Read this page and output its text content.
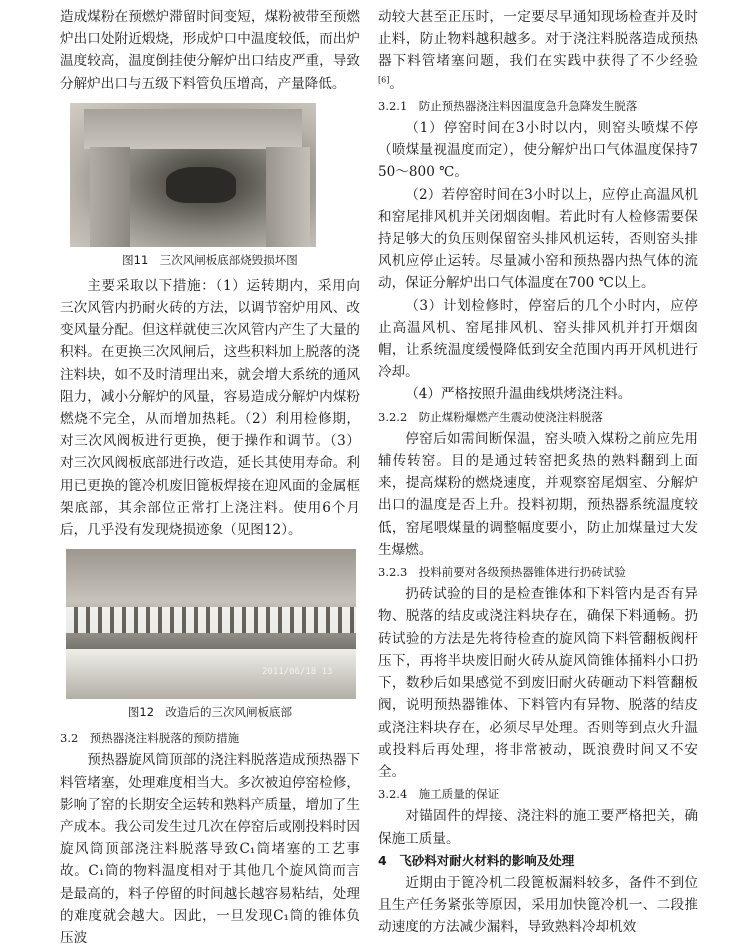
造成煤粉在预燃炉滞留时间变短，煤粉被带至预燃炉出口处附近煅烧，形成炉口中温度较低，而出炉温度较高，温度倒挂使分解炉出口结皮严重，导致分解炉出口与五级下料管负压增高，产量降低。

图11　三次风闸板底部烧毁损坏图

主要采取以下措施：（1）运转期内，采用向三次风管内扔耐火砖的方法，以调节窑炉用风、改变风量分配。但这样就使三次风管内产生了大量的积料。在更换三次风闸后，这些积料加上脱落的浇注料块，如不及时清理出来，就会增大系统的通风阻力，减小分解炉的风量，容易造成分解炉内煤粉燃烧不完全，从而增加热耗。（2）利用检修期，对三次风阀板进行更换，便于操作和调节。（3）对三次风阀板底部进行改造，延长其使用寿命。利用已更换的篦冷机废旧篦板焊接在迎风面的金属框架底部，其余部位正常打上浇注料。使用6个月后，几乎没有发现烧损迹象（见图12）。

2011/06/18 13
图12　改造后的三次风闸板底部
3.2　预热器浇注料脱落的预防措施

预热器旋风筒顶部的浇注料脱落造成预热器下料管堵塞，处理难度相当大。多次被迫停窑检修，影响了窑的长期安全运转和熟料产质量，增加了生产成本。我公司发生过几次在停窑后或刚投料时因旋风筒顶部浇注料脱落导致C₁筒堵塞的工艺事故。C₁筒的物料温度相对于其他几个旋风筒而言是最高的，料子停留的时间越长越容易粘结，处理的难度就会越大。因此，一旦发现C₁筒的锥体负压波

动较大甚至正压时，一定要尽早通知现场检查并及时止料，防止物料越积越多。对于浇注料脱落造成预热器下料管堵塞问题，我们在实践中获得了不少经验[6]。

3.2.1　防止预热器浇注料因温度急升急降发生脱落

（1）停窑时间在3小时以内，则窑头喷煤不停（喷煤量视温度而定），使分解炉出口气体温度保持750～800 ℃。

（2）若停窑时间在3小时以上，应停止高温风机和窑尾排风机并关闭烟囱帽。若此时有人检修需要保持足够大的负压则保留窑头排风机运转，否则窑头排风机应停止运转。尽量减小窑和预热器内热气体的流动，保证分解炉出口气体温度在700 ℃以上。

（3）计划检修时，停窑后的几个小时内，应停止高温风机、窑尾排风机、窑头排风机并打开烟囱帽，让系统温度缓慢降低到安全范围内再开风机进行冷却。

（4）严格按照升温曲线烘烤浇注料。

3.2.2　防止煤粉爆燃产生震动使浇注料脱落

停窑后如需间断保温，窑头喷入煤粉之前应先用辅传转窑。目的是通过转窑把炙热的熟料翻到上面来，提高煤粉的燃烧速度，并观察窑尾烟室、分解炉出口的温度是否上升。投料初期，预热器系统温度较低，窑尾喂煤量的调整幅度要小，防止加煤量过大发生爆燃。

3.2.3　投料前要对各级预热器锥体进行扔砖试验

扔砖试验的目的是检查锥体和下料管内是否有异物、脱落的结皮或浇注料块存在，确保下料通畅。扔砖试验的方法是先将待检查的旋风筒下料管翻板阀杆压下，再将半块废旧耐火砖从旋风筒锥体捅料小口扔下，数秒后如果感觉不到废旧耐火砖砸动下料管翻板阀，说明预热器锥体、下料管内有异物、脱落的结皮或浇注料块存在，必须尽早处理。否则等到点火升温或投料后再处理，将非常被动，既浪费时间又不安全。

3.2.4　施工质量的保证

对锚固件的焊接、浇注料的施工要严格把关，确保施工质量。

4　飞砂料对耐火材料的影响及处理

近期由于篦冷机二段篦板漏料较多，备件不到位且生产任务紧张等原因，采用加快篦冷机一、二段推动速度的方法减少漏料，导致熟料冷却机效
